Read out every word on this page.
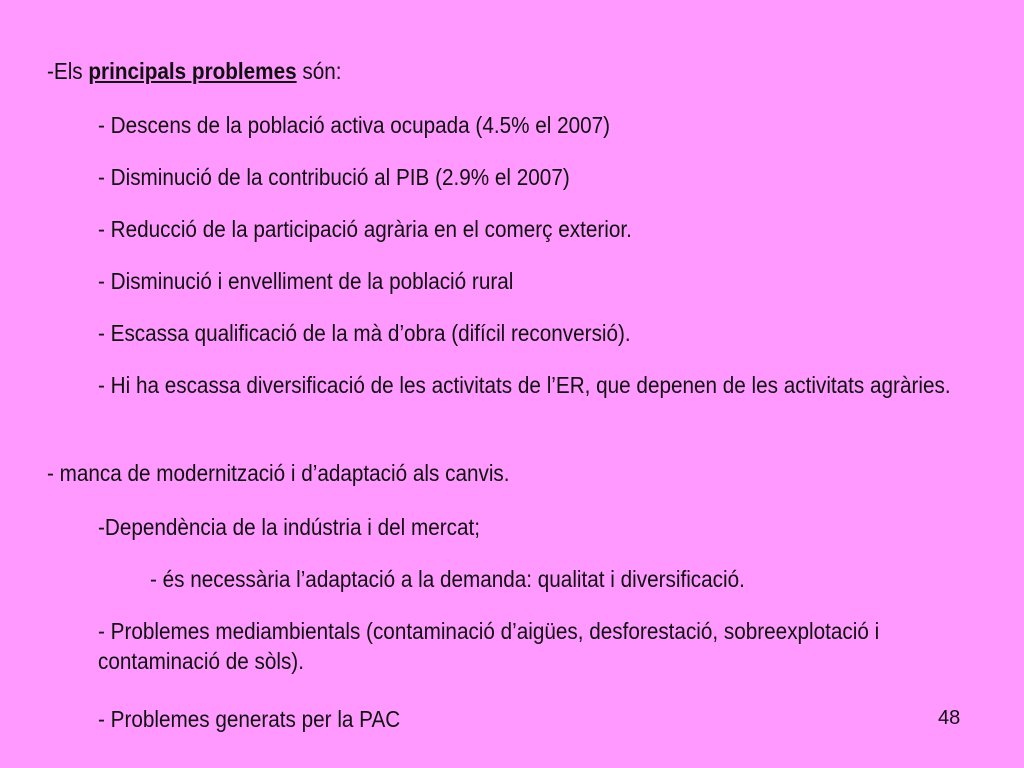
-Els principals problemes són:
- Descens de la població activa ocupada (4.5% el 2007)
- Disminució de la contribució al PIB (2.9% el 2007)
- Reducció de la participació agrària en el comerç exterior.
- Disminució i envelliment de la població rural
- Escassa qualificació de la mà d’obra (difícil reconversió).
- Hi ha escassa diversificació de les activitats de l’ER, que depenen de les activitats agràries.
- manca de modernització i d’adaptació als canvis.
-Dependència de la indústria i del mercat;
- és necessària l’adaptació a la demanda: qualitat i diversificació.
- Problemes mediambientals (contaminació d’aigües, desforestació, sobreexplotació i contaminació de sòls).
- Problemes generats per la PAC	48
